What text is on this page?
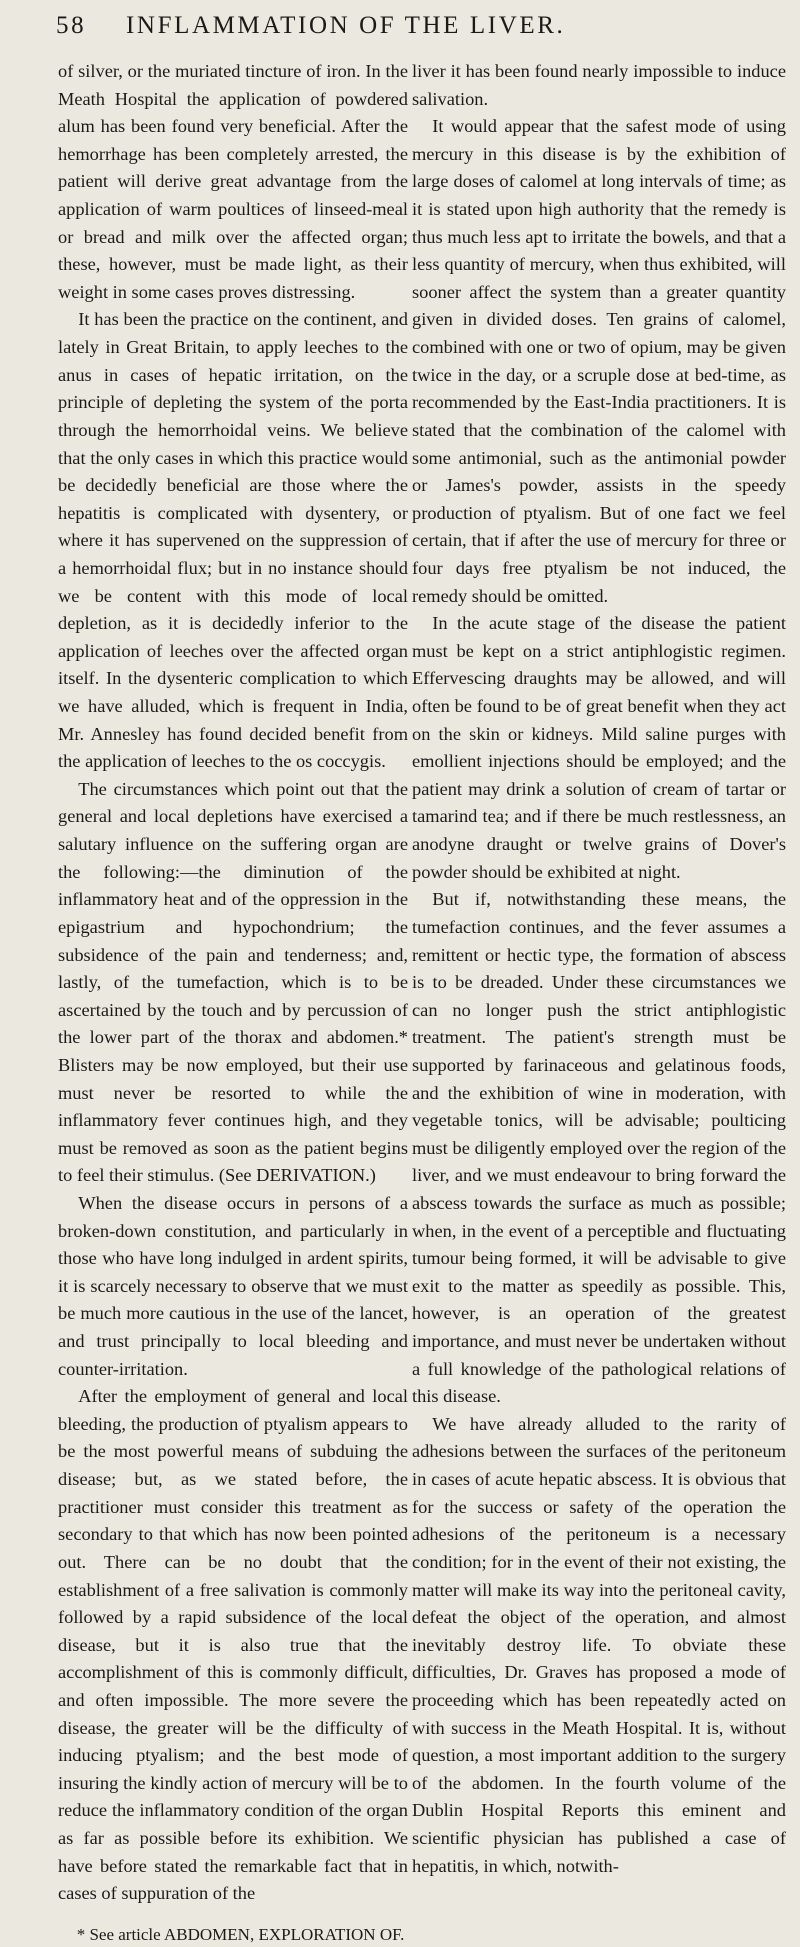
58 INFLAMMATION OF THE LIVER.

of silver, or the muriated tincture of iron. In the Meath Hospital the application of powdered alum has been found very beneficial. After the hemorrhage has been completely arrested, the patient will derive great advantage from the application of warm poultices of linseed-meal or bread and milk over the affected organ; these, however, must be made light, as their weight in some cases proves distressing.

It has been the practice on the continent, and lately in Great Britain, to apply leeches to the anus in cases of hepatic irritation, on the principle of depleting the system of the porta through the hemorrhoidal veins. We believe that the only cases in which this practice would be decidedly beneficial are those where the hepatitis is complicated with dysentery, or where it has supervened on the suppression of a hemorrhoidal flux; but in no instance should we be content with this mode of local depletion, as it is decidedly inferior to the application of leeches over the affected organ itself. In the dysenteric complication to which we have alluded, which is frequent in India, Mr. Annesley has found decided benefit from the application of leeches to the os coccygis.

The circumstances which point out that the general and local depletions have exercised a salutary influence on the suffering organ are the following:—the diminution of the inflammatory heat and of the oppression in the epigastrium and hypochondrium; the subsidence of the pain and tenderness; and, lastly, of the tumefaction, which is to be ascertained by the touch and by percussion of the lower part of the thorax and abdomen.* Blisters may be now employed, but their use must never be resorted to while the inflammatory fever continues high, and they must be removed as soon as the patient begins to feel their stimulus. (See DERIVATION.)

When the disease occurs in persons of a broken-down constitution, and particularly in those who have long indulged in ardent spirits, it is scarcely necessary to observe that we must be much more cautious in the use of the lancet, and trust principally to local bleeding and counter-irritation.

After the employment of general and local bleeding, the production of ptyalism appears to be the most powerful means of subduing the disease; but, as we stated before, the practitioner must consider this treatment as secondary to that which has now been pointed out. There can be no doubt that the establishment of a free salivation is commonly followed by a rapid subsidence of the local disease, but it is also true that the accomplishment of this is commonly difficult, and often impossible. The more severe the disease, the greater will be the difficulty of inducing ptyalism; and the best mode of insuring the kindly action of mercury will be to reduce the inflammatory condition of the organ as far as possible before its exhibition. We have before stated the remarkable fact that in cases of suppuration of the

* See article ABDOMEN, EXPLORATION OF.

liver it has been found nearly impossible to induce salivation.

It would appear that the safest mode of using mercury in this disease is by the exhibition of large doses of calomel at long intervals of time; as it is stated upon high authority that the remedy is thus much less apt to irritate the bowels, and that a less quantity of mercury, when thus exhibited, will sooner affect the system than a greater quantity given in divided doses. Ten grains of calomel, combined with one or two of opium, may be given twice in the day, or a scruple dose at bed-time, as recommended by the East-India practitioners. It is stated that the combination of the calomel with some antimonial, such as the antimonial powder or James's powder, assists in the speedy production of ptyalism. But of one fact we feel certain, that if after the use of mercury for three or four days free ptyalism be not induced, the remedy should be omitted.

In the acute stage of the disease the patient must be kept on a strict antiphlogistic regimen. Effervescing draughts may be allowed, and will often be found to be of great benefit when they act on the skin or kidneys. Mild saline purges with emollient injections should be employed; and the patient may drink a solution of cream of tartar or tamarind tea; and if there be much restlessness, an anodyne draught or twelve grains of Dover's powder should be exhibited at night.

But if, notwithstanding these means, the tumefaction continues, and the fever assumes a remittent or hectic type, the formation of abscess is to be dreaded. Under these circumstances we can no longer push the strict antiphlogistic treatment. The patient's strength must be supported by farinaceous and gelatinous foods, and the exhibition of wine in moderation, with vegetable tonics, will be advisable; poulticing must be diligently employed over the region of the liver, and we must endeavour to bring forward the abscess towards the surface as much as possible; when, in the event of a perceptible and fluctuating tumour being formed, it will be advisable to give exit to the matter as speedily as possible. This, however, is an operation of the greatest importance, and must never be undertaken without a full knowledge of the pathological relations of this disease.

We have already alluded to the rarity of adhesions between the surfaces of the peritoneum in cases of acute hepatic abscess. It is obvious that for the success or safety of the operation the adhesions of the peritoneum is a necessary condition; for in the event of their not existing, the matter will make its way into the peritoneal cavity, defeat the object of the operation, and almost inevitably destroy life. To obviate these difficulties, Dr. Graves has proposed a mode of proceeding which has been repeatedly acted on with success in the Meath Hospital. It is, without question, a most important addition to the surgery of the abdomen. In the fourth volume of the Dublin Hospital Reports this eminent and scientific physician has published a case of hepatitis, in which, notwith-
